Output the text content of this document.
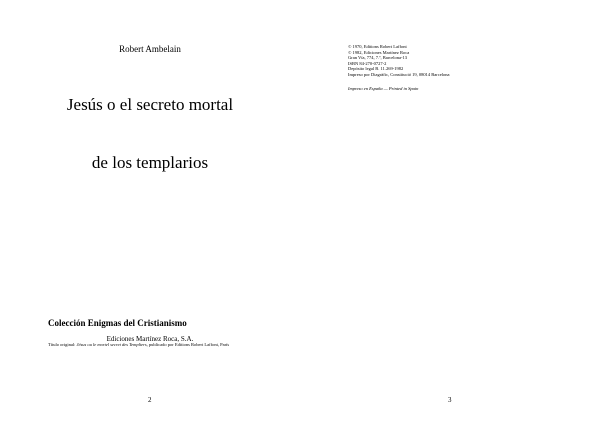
Robert Ambelain
Jesús o el secreto mortal
de los templarios
Colección Enigmas del Cristianismo
Ediciones Martínez Roca, S.A.
Título original: Jésus ou le mortel secret des Templiers, publicado por Editions Robert Laffont, París
2
© 1970, Editions Robert Laffont
© 1982, Ediciones Martínez Roca
Gran Vía, 774, 7.º, Barcelona-13
ISBN 84-270-0727-2
Depósito legal B. 11.269-1982
Impreso por Diagràfic, Constitució 19, 08014 Barcelona
Impreso en España — Printed in Spain
3
